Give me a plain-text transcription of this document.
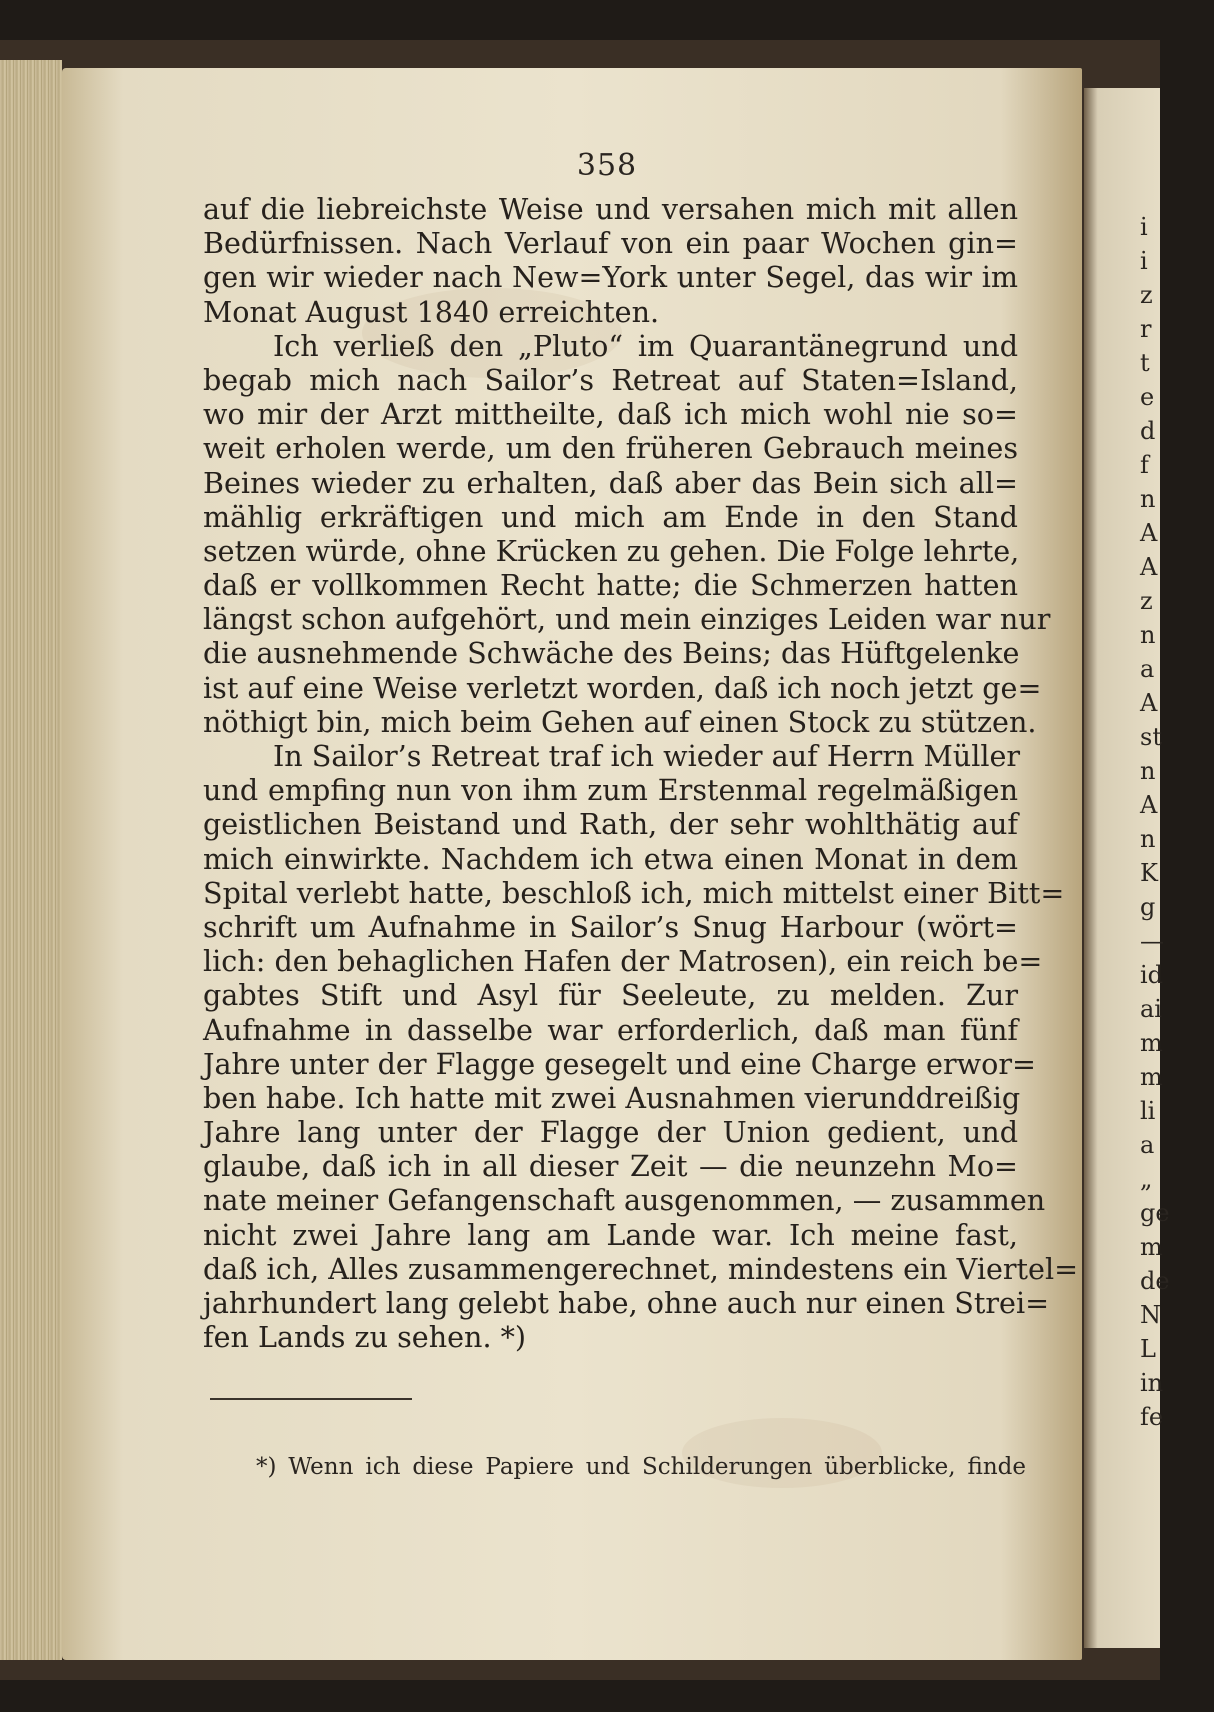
358
auf die liebreichste Weise und versahen mich mit allen
Bedürfnissen. Nach Verlauf von ein paar Wochen gin=
gen wir wieder nach New=York unter Segel, das wir im
Monat August 1840 erreichten.
Ich verließ den „Pluto“ im Quarantänegrund und
begab mich nach Sailor’s Retreat auf Staten=Island,
wo mir der Arzt mittheilte, daß ich mich wohl nie so=
weit erholen werde, um den früheren Gebrauch meines
Beines wieder zu erhalten, daß aber das Bein sich all=
mählig erkräftigen und mich am Ende in den Stand
setzen würde, ohne Krücken zu gehen. Die Folge lehrte,
daß er vollkommen Recht hatte; die Schmerzen hatten
längst schon aufgehört, und mein einziges Leiden war nur
die ausnehmende Schwäche des Beins; das Hüftgelenke
ist auf eine Weise verletzt worden, daß ich noch jetzt ge=
nöthigt bin, mich beim Gehen auf einen Stock zu stützen.
In Sailor’s Retreat traf ich wieder auf Herrn Müller
und empfing nun von ihm zum Erstenmal regelmäßigen
geistlichen Beistand und Rath, der sehr wohlthätig auf
mich einwirkte. Nachdem ich etwa einen Monat in dem
Spital verlebt hatte, beschloß ich, mich mittelst einer Bitt=
schrift um Aufnahme in Sailor’s Snug Harbour (wört=
lich: den behaglichen Hafen der Matrosen), ein reich be=
gabtes Stift und Asyl für Seeleute, zu melden. Zur
Aufnahme in dasselbe war erforderlich, daß man fünf
Jahre unter der Flagge gesegelt und eine Charge erwor=
ben habe. Ich hatte mit zwei Ausnahmen vierunddreißig
Jahre lang unter der Flagge der Union gedient, und
glaube, daß ich in all dieser Zeit — die neunzehn Mo=
nate meiner Gefangenschaft ausgenommen, — zusammen
nicht zwei Jahre lang am Lande war. Ich meine fast,
daß ich, Alles zusammengerechnet, mindestens ein Viertel=
jahrhundert lang gelebt habe, ohne auch nur einen Strei=
fen Lands zu sehen. *)
*) Wenn ich diese Papiere und Schilderungen überblicke, finde
i
i
z
r
t
e
d
f
n
A
A
z
n
a
A
st
n
A
n
K
g
—
id
ai
m
m
li
a
„
ge
m
de
N
L
in
fe
